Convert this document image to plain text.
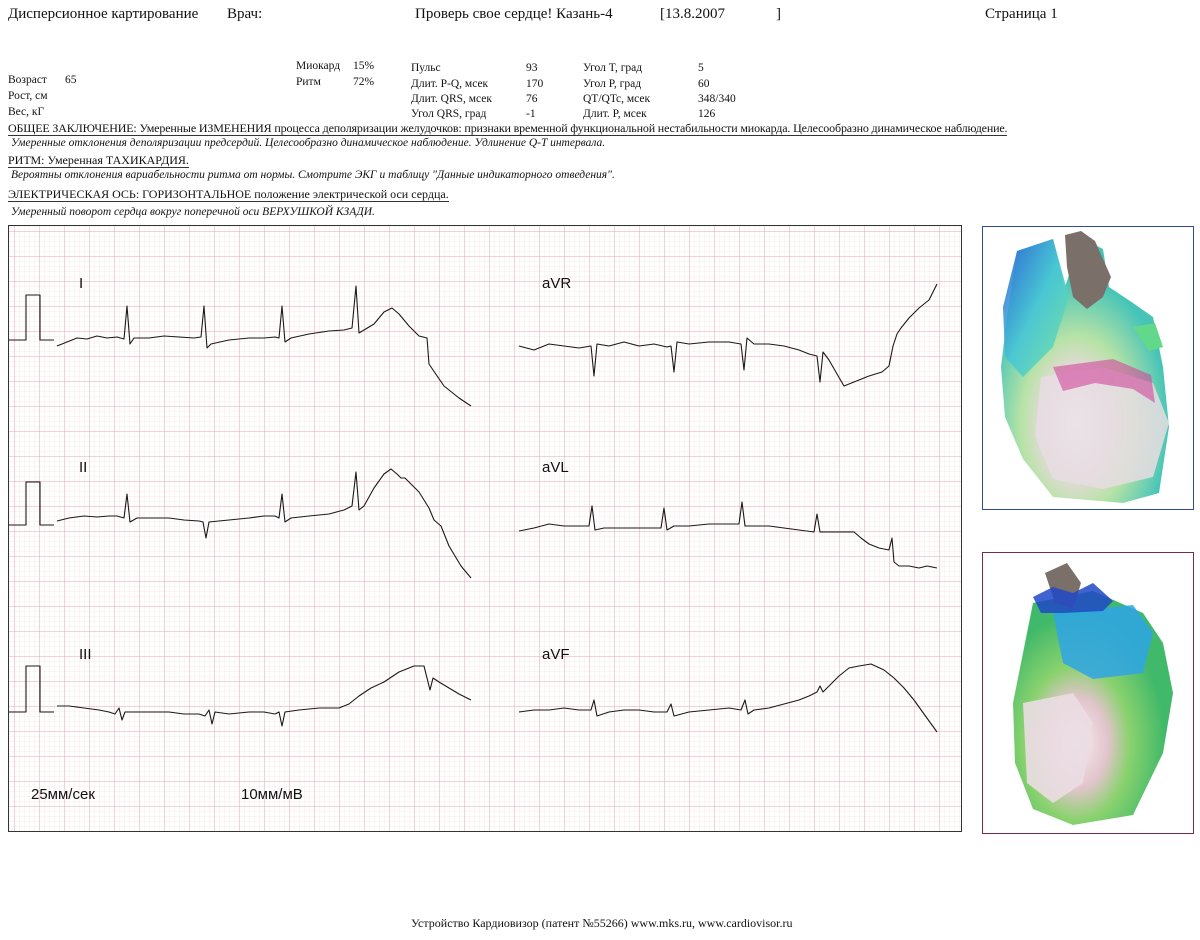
Дисперсионное картирование Врач:	Проверь свое сердце! Казань-4	[13.8.2007	]	Страница 1
Возраст 65
Рост, см
Вес, кГ
Миокард 15%
Ритм	72%
Пульс	93
Длит. P-Q, мсек	170
Длит. QRS, мсек	76
Угол QRS, град	-1
Угол T, град	5
Угол P, град	60
QT/QTc, мсек	348/340
Длит. P, мсек	126
ОБЩЕЕ ЗАКЛЮЧЕНИЕ: Умеренные ИЗМЕНЕНИЯ процесса деполяризации желудочков: признаки временной функциональной нестабильности миокарда. Целесообразно динамическое наблюдение.
Умеренные отклонения деполяризации предсердий. Целесообразно динамическое наблюдение. Удлинение Q-T интервала.
РИТМ: Умеренная ТАХИКАРДИЯ.
Вероятны отклонения вариабельности ритма от нормы. Смотрите ЭКГ и таблицу "Данные индикаторного отведения".
ЭЛЕКТРИЧЕСКАЯ ОСЬ: ГОРИЗОНТАЛЬНОЕ положение электрической оси сердца.
Умеренный поворот сердца вокруг поперечной оси ВЕРХУШКОЙ КЗАДИ.
I	aVR
II	aVL
III	aVF
25мм/сек	10мм/мВ
Устройство Кардиовизор (патент №55266) www.mks.ru, www.cardiovisor.ru
